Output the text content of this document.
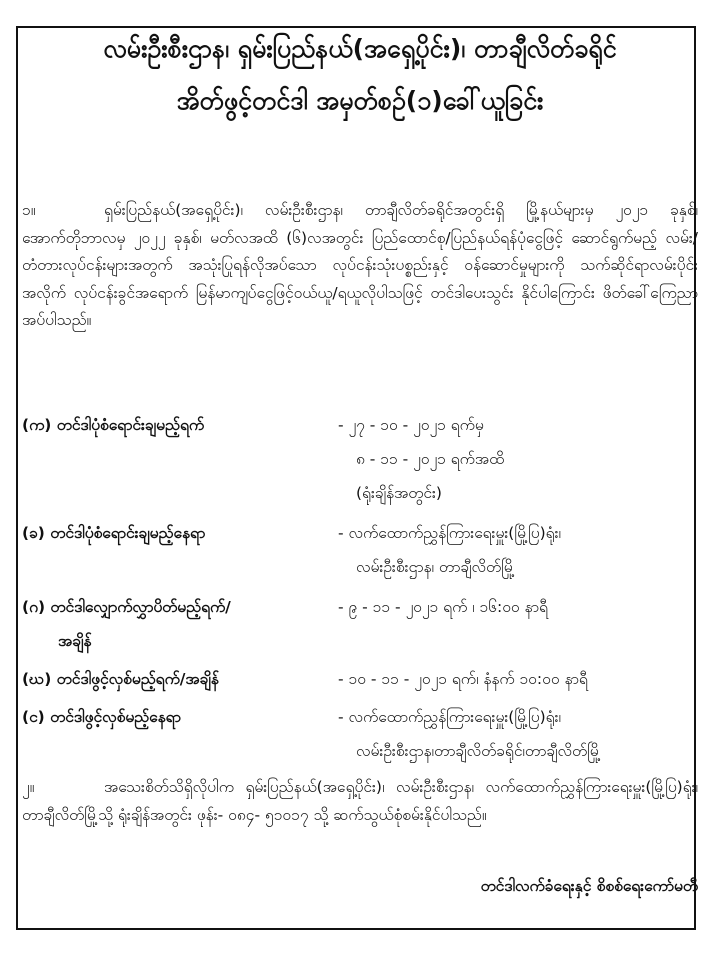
လမ်းဦးစီးဌာန၊ ရှမ်းပြည်နယ်(အရှေ့ပိုင်း)၊ တာချီလိတ်ခရိုင်
အိတ်ဖွင့်တင်ဒါ အမှတ်စဉ်(၁)ခေါ်ယူခြင်း
၁။	ရှမ်းပြည်နယ်(အရှေ့ပိုင်း)၊ လမ်းဦးစီးဌာန၊ တာချီလိတ်ခရိုင်အတွင်းရှိ မြို့နယ်များမှ ၂၀၂၁ ခုနှစ်၊ အောက်တိုဘာလမှ ၂၀၂၂ ခုနှစ်၊ မတ်လအထိ (၆)လအတွင်း ပြည်ထောင်စု/ပြည်နယ်ရန်ပုံငွေဖြင့် ဆောင်ရွက်မည့် လမ်း/တံတားလုပ်ငန်းများအတွက် အသုံးပြုရန်လိုအပ်သော လုပ်ငန်းသုံးပစ္စည်းနှင့် ဝန်ဆောင်မှုများကို သက်ဆိုင်ရာလမ်းပိုင်း အလိုက် လုပ်ငန်းခွင်အရောက် မြန်မာကျပ်ငွေဖြင့်ဝယ်ယူ/ရယူလိုပါသဖြင့် တင်ဒါပေးသွင်း နိုင်ပါကြောင်း ဖိတ်ခေါ်ကြေညာအပ်ပါသည်။
(က) တင်ဒါပုံစံရောင်းချမည့်ရက်	- ၂၇ - ၁၀ - ၂၀၂၁ ရက်မှ
၈ - ၁၁ - ၂၀၂၁ ရက်အထိ
(ရုံးချိန်အတွင်း)
(ခ) တင်ဒါပုံစံရောင်းချမည့်နေရာ	- လက်ထောက်ညွှန်ကြားရေးမှူး(မြို့ပြ)ရုံး၊
လမ်းဦးစီးဌာန၊ တာချီလိတ်မြို့
(ဂ) တင်ဒါလျှောက်လွှာပိတ်မည့်ရက်/	- ၉ - ၁၁ - ၂၀၂၁ ရက် ၊ ၁၆:၀၀ နာရီ
အချိန်
(ဃ) တင်ဒါဖွင့်လှစ်မည့်ရက်/အချိန်	- ၁၀ - ၁၁ - ၂၀၂၁ ရက်၊ နံနက် ၁၀:၀၀ နာရီ
(င) တင်ဒါဖွင့်လှစ်မည့်နေရာ	- လက်ထောက်ညွှန်ကြားရေးမှူး(မြို့ပြ)ရုံး၊
လမ်းဦးစီးဌာန၊တာချီလိတ်ခရိုင်၊တာချီလိတ်မြို့
၂။	အသေးစိတ်သိရှိလိုပါက ရှမ်းပြည်နယ်(အရှေ့ပိုင်း)၊ လမ်းဦးစီးဌာန၊ လက်ထောက်ညွှန်ကြားရေးမှူး(မြို့ပြ)ရုံး၊ တာချီလိတ်မြို့သို့ ရုံးချိန်အတွင်း ဖုန်း- ၀၈၄- ၅၁၀၁၇ သို့ ဆက်သွယ်စုံစမ်းနိုင်ပါသည်။
တင်ဒါလက်ခံရေးနှင့် စိစစ်ရေးကော်မတီ
